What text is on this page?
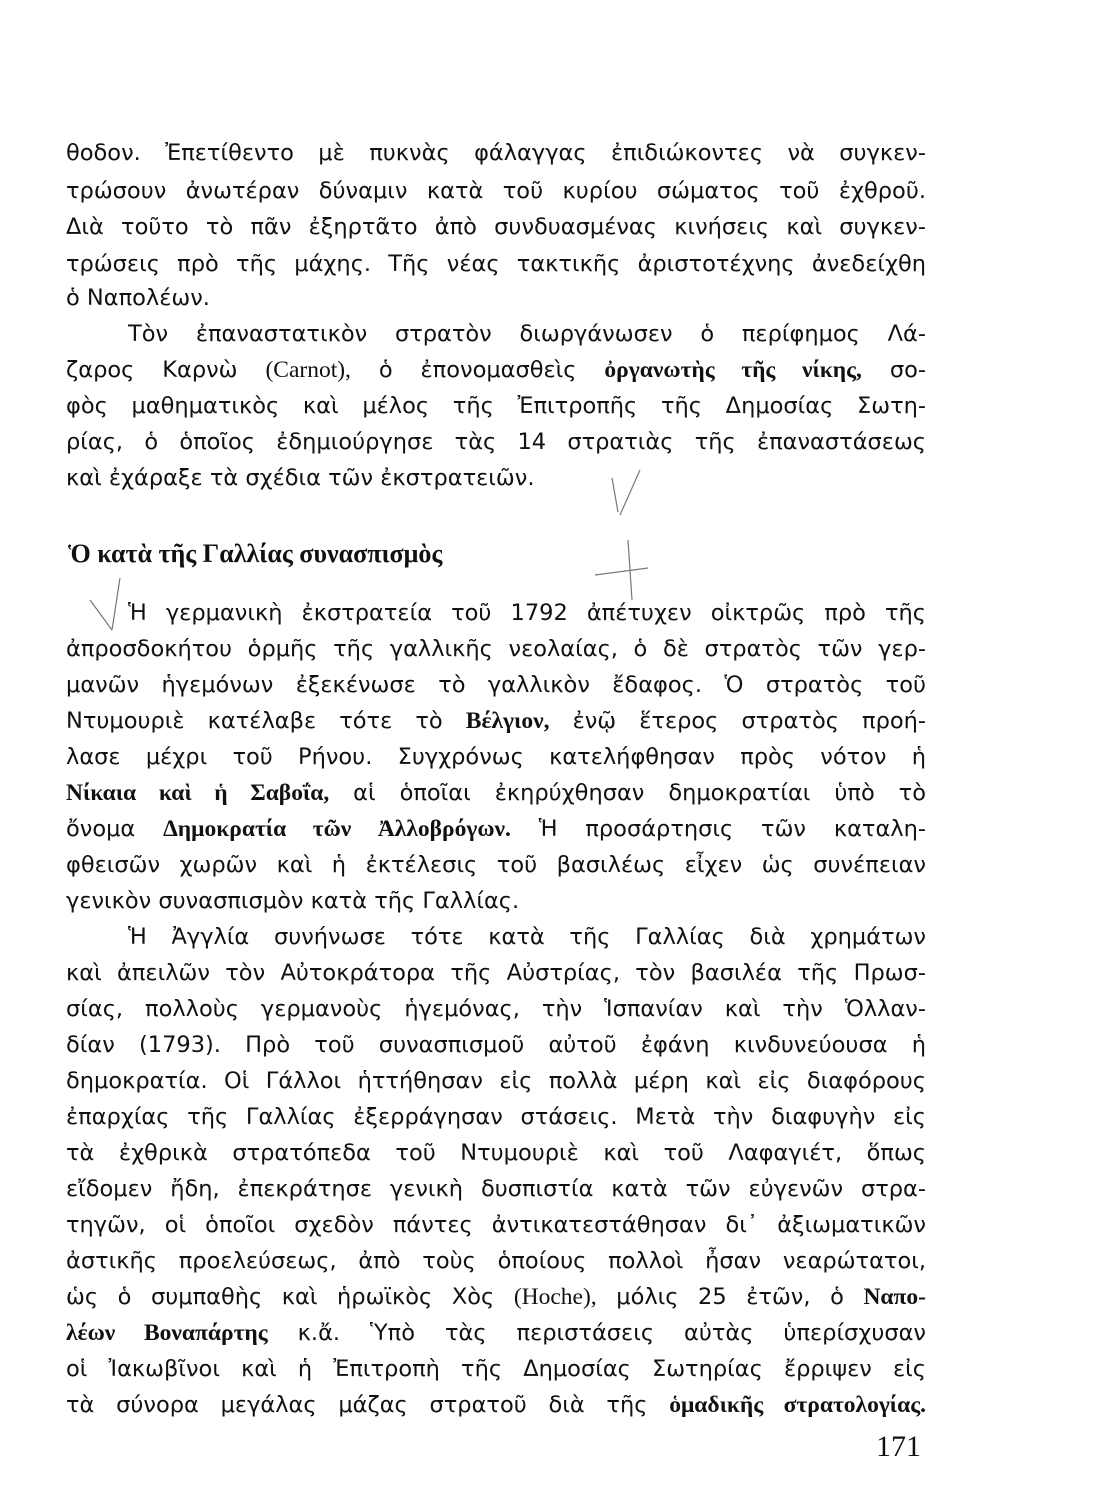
θοδον. Ἐπετίθεντο μὲ πυκνὰς φάλαγγας ἐπιδιώκοντες νὰ συγκεν-
τρώσουν ἀνωτέραν δύναμιν κατὰ τοῦ κυρίου σώματος τοῦ ἐχθροῦ.
Διὰ τοῦτο τὸ πᾶν ἐξηρτᾶτο ἀπὸ συνδυασμένας κινήσεις καὶ συγκεν-
τρώσεις πρὸ τῆς μάχης. Τῆς νέας τακτικῆς ἀριστοτέχνης ἀνεδείχθη
ὁ Ναπολέων.
Τὸν ἐπαναστατικὸν στρατὸν διωργάνωσεν ὁ περίφημος Λά-
ζαρος Καρνὼ (Carnot), ὁ ἐπονομασθεὶς ὀργανωτὴς τῆς νίκης, σο-
φὸς μαθηματικὸς καὶ μέλος τῆς Ἐπιτροπῆς τῆς Δημοσίας Σωτη-
ρίας, ὁ ὁποῖος ἐδημιούργησε τὰς 14 στρατιὰς τῆς ἐπαναστάσεως
καὶ ἐχάραξε τὰ σχέδια τῶν ἐκστρατειῶν.
Ὁ κατὰ τῆς Γαλλίας συνασπισμὸς
Ἡ γερμανικὴ ἐκστρατεία τοῦ 1792 ἀπέτυχεν οἰκτρῶς πρὸ τῆς
ἀπροσδοκήτου ὁρμῆς τῆς γαλλικῆς νεολαίας, ὁ δὲ στρατὸς τῶν γερ-
μανῶν ἡγεμόνων ἐξεκένωσε τὸ γαλλικὸν ἔδαφος. Ὁ στρατὸς τοῦ
Ντυμουριὲ κατέλαβε τότε τὸ Βέλγιον, ἐνῷ ἕτερος στρατὸς προή-
λασε μέχρι τοῦ Ρήνου. Συγχρόνως κατελήφθησαν πρὸς νότον ἡ
Νίκαια καὶ ἡ Σαβοΐα, αἱ ὁποῖαι ἐκηρύχθησαν δημοκρατίαι ὑπὸ τὸ
ὄνομα Δημοκρατία τῶν Ἀλλοβρόγων. Ἡ προσάρτησις τῶν καταλη-
φθεισῶν χωρῶν καὶ ἡ ἐκτέλεσις τοῦ βασιλέως εἶχεν ὡς συνέπειαν
γενικὸν συνασπισμὸν κατὰ τῆς Γαλλίας.
Ἡ Ἀγγλία συνήνωσε τότε κατὰ τῆς Γαλλίας διὰ χρημάτων
καὶ ἀπειλῶν τὸν Αὐτοκράτορα τῆς Αὐστρίας, τὸν βασιλέα τῆς Πρωσ-
σίας, πολλοὺς γερμανοὺς ἡγεμόνας, τὴν Ἱσπανίαν καὶ τὴν Ὁλλαν-
δίαν (1793). Πρὸ τοῦ συνασπισμοῦ αὐτοῦ ἐφάνη κινδυνεύουσα ἡ
δημοκρατία. Οἱ Γάλλοι ἡττήθησαν εἰς πολλὰ μέρη καὶ εἰς διαφόρους
ἐπαρχίας τῆς Γαλλίας ἐξερράγησαν στάσεις. Μετὰ τὴν διαφυγὴν εἰς
τὰ ἐχθρικὰ στρατόπεδα τοῦ Ντυμουριὲ καὶ τοῦ Λαφαγιέτ, ὅπως
εἴδομεν ἤδη, ἐπεκράτησε γενικὴ δυσπιστία κατὰ τῶν εὐγενῶν στρα-
τηγῶν, οἱ ὁποῖοι σχεδὸν πάντες ἀντικατεστάθησαν δι᾽ ἀξιωματικῶν
ἀστικῆς προελεύσεως, ἀπὸ τοὺς ὁποίους πολλοὶ ἦσαν νεαρώτατοι,
ὡς ὁ συμπαθὴς καὶ ἡρωϊκὸς Χὸς (Hoche), μόλις 25 ἐτῶν, ὁ Ναπο-
λέων Βοναπάρτης κ.ἄ. Ὑπὸ τὰς περιστάσεις αὐτὰς ὑπερίσχυσαν
οἱ Ἰακωβῖνοι καὶ ἡ Ἐπιτροπὴ τῆς Δημοσίας Σωτηρίας ἔρριψεν εἰς
τὰ σύνορα μεγάλας μάζας στρατοῦ διὰ τῆς ὁμαδικῆς στρατολογίας.
171
